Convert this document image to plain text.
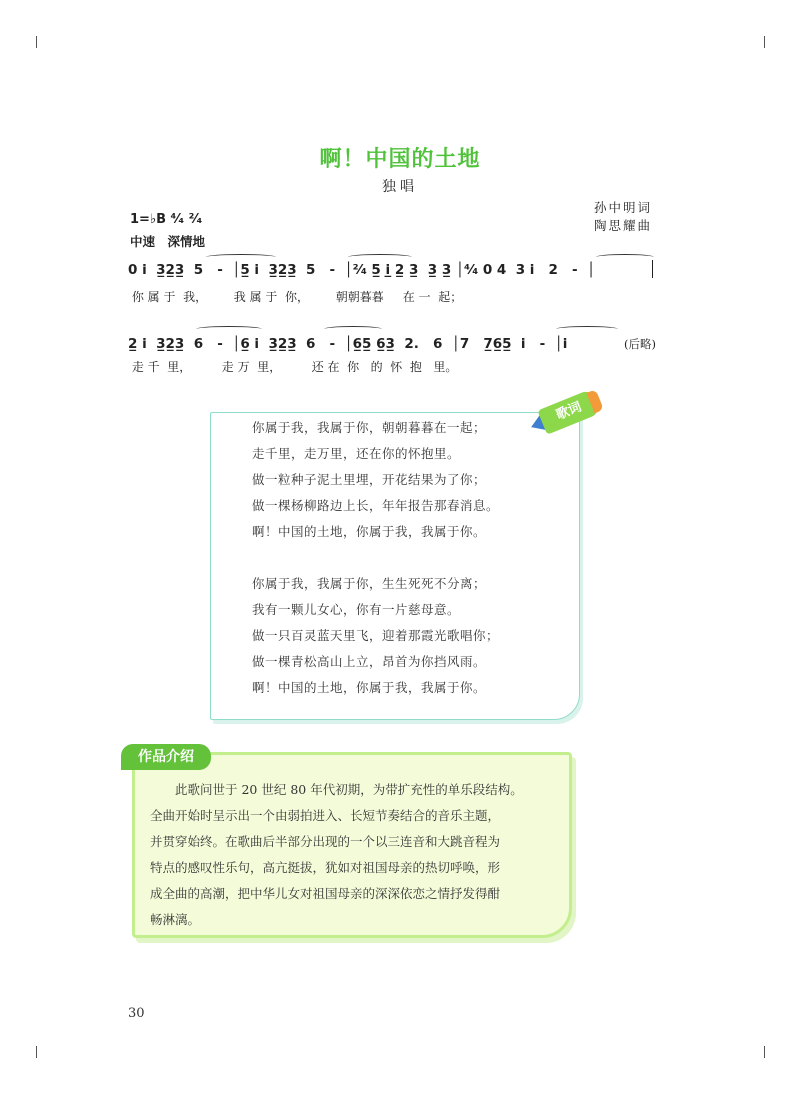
啊！中国的土地
独唱
孙中明词
陶思耀曲
1=♭B ⁴⁄₄ ²⁄₄
中速　深情地
0 i  3̲2̲3̲  5   -  │5̲ i  3̲2̲3̲  5   -  │²⁄₄ 5̲ i̲ 2̲ 3̲  3̲ 3̲ │⁴⁄₄ 0 4  3 i   2   -  │
你 属 于  我，       我 属 于  你，       朝朝暮暮     在 一  起；
2̲ i  3̲2̲3̲  6   -  │6̲ i  3̲2̲3̲  6   -  │6̲5̲ 6̲3̲  2.   6  │7   7̲6̲5̲  i   -  │i	(后略)
走 千  里，        走 万  里，        还 在  你   的  怀  抱   里。
歌词
你属于我，我属于你，朝朝暮暮在一起；
走千里，走万里，还在你的怀抱里。
做一粒种子泥土里埋，开花结果为了你；
做一棵杨柳路边上长，年年报告那春消息。
啊！中国的土地，你属于我，我属于你。
你属于我，我属于你，生生死死不分离；
我有一颗儿女心，你有一片慈母意。
做一只百灵蓝天里飞，迎着那霞光歌唱你；
做一棵青松高山上立，昂首为你挡风雨。
啊！中国的土地，你属于我，我属于你。
作品介绍
　　此歌问世于 20 世纪 80 年代初期，为带扩充性的单乐段结构。
全曲开始时呈示出一个由弱拍进入、长短节奏结合的音乐主题，
并贯穿始终。在歌曲后半部分出现的一个以三连音和大跳音程为
特点的感叹性乐句，高亢挺拔，犹如对祖国母亲的热切呼唤，形
成全曲的高潮，把中华儿女对祖国母亲的深深依恋之情抒发得酣
畅淋漓。
30
